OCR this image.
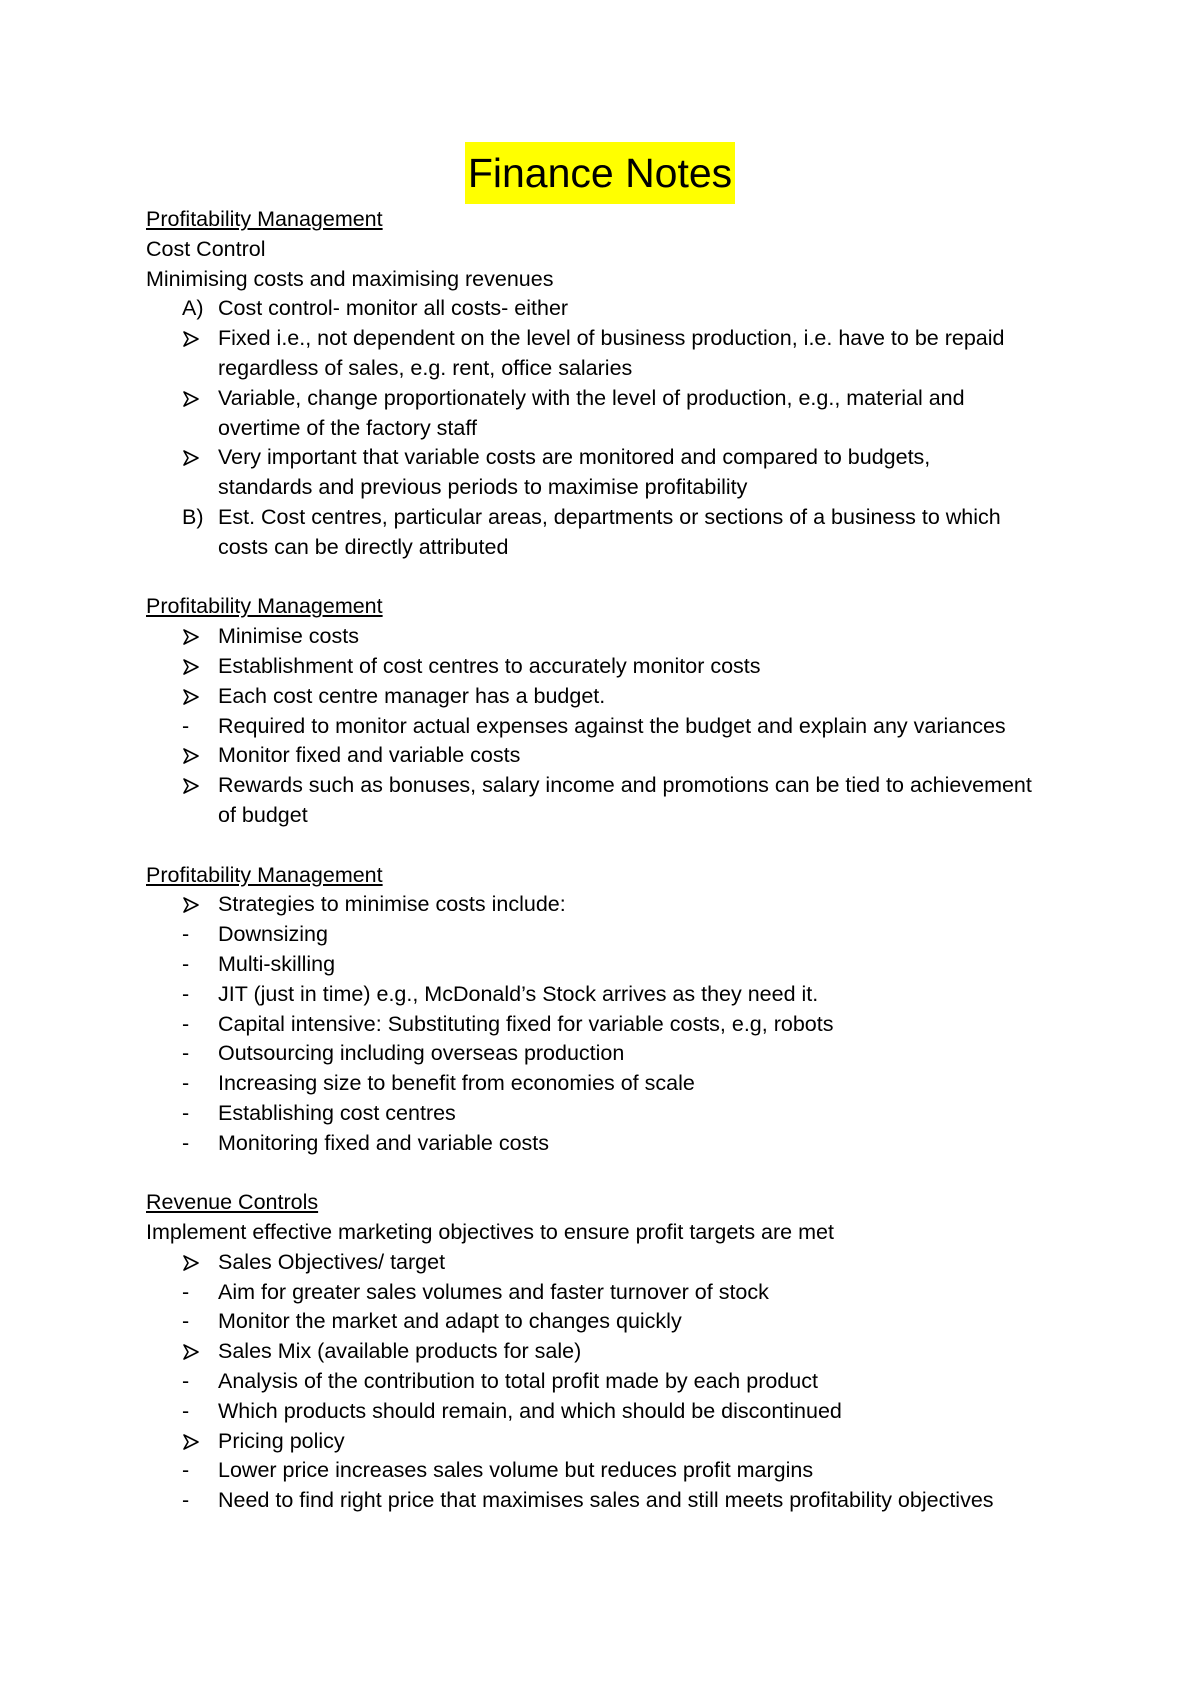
Finance Notes
Profitability Management
Cost Control
Minimising costs and maximising revenues
A) Cost control- monitor all costs- either
Fixed i.e., not dependent on the level of business production, i.e. have to be repaid
regardless of sales, e.g. rent, office salaries
Variable, change proportionately with the level of production, e.g., material and
overtime of the factory staff
Very important that variable costs are monitored and compared to budgets,
standards and previous periods to maximise profitability
B) Est. Cost centres, particular areas, departments or sections of a business to which
costs can be directly attributed
Profitability Management
Minimise costs
Establishment of cost centres to accurately monitor costs
Each cost centre manager has a budget.
-	Required to monitor actual expenses against the budget and explain any variances
Monitor fixed and variable costs
Rewards such as bonuses, salary income and promotions can be tied to achievement
of budget
Profitability Management
Strategies to minimise costs include:
-	Downsizing
-	Multi-skilling
-	JIT (just in time) e.g., McDonald’s Stock arrives as they need it.
-	Capital intensive: Substituting fixed for variable costs, e.g, robots
-	Outsourcing including overseas production
-	Increasing size to benefit from economies of scale
-	Establishing cost centres
-	Monitoring fixed and variable costs
Revenue Controls
Implement effective marketing objectives to ensure profit targets are met
Sales Objectives/ target
-	Aim for greater sales volumes and faster turnover of stock
-	Monitor the market and adapt to changes quickly
Sales Mix (available products for sale)
-	Analysis of the contribution to total profit made by each product
-	Which products should remain, and which should be discontinued
Pricing policy
-	Lower price increases sales volume but reduces profit margins
-	Need to find right price that maximises sales and still meets profitability objectives
